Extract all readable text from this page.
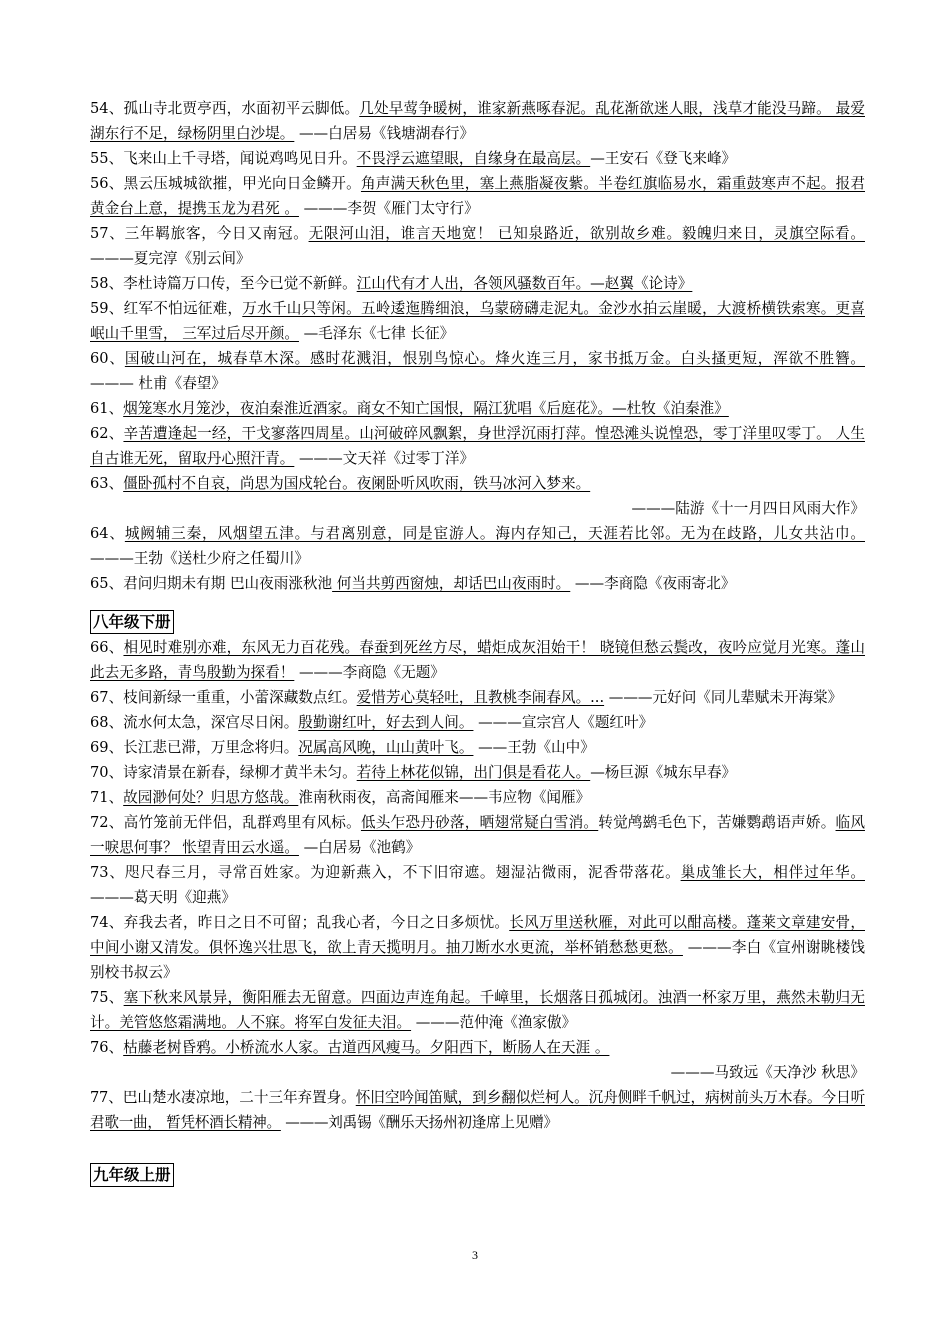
54、孤山寺北贾亭西，水面初平云脚低。几处早莺争暖树，谁家新燕啄春泥。乱花渐欲迷人眼，浅草才能没马蹄。 最爱湖东行不足，绿杨阴里白沙堤。 ——白居易《钱塘湖春行》
55、飞来山上千寻塔，闻说鸡鸣见日升。不畏浮云遮望眼，自缘身在最高层。—王安石《登飞来峰》
56、黑云压城城欲摧，甲光向日金鳞开。角声满天秋色里，塞上燕脂凝夜紫。半卷红旗临易水，霜重鼓寒声不起。报君黄金台上意，提携玉龙为君死 。 ———李贺《雁门太守行》
57、三年羁旅客，今日又南冠。无限河山泪，谁言天地宽！ 已知泉路近，欲别故乡难。毅魄归来日，灵旗空际看。 ———夏完淳《别云间》
58、李杜诗篇万口传，至今已觉不新鲜。江山代有才人出，各领风骚数百年。—赵翼《论诗》
59、红军不怕远征难，万水千山只等闲。五岭逶迤腾细浪，乌蒙磅礴走泥丸。金沙水拍云崖暖，大渡桥横铁索寒。更喜岷山千里雪， 三军过后尽开颜。 —毛泽东《七律 长征》
60、国破山河在，城春草木深。感时花溅泪，恨别鸟惊心。烽火连三月，家书抵万金。白头搔更短，浑欲不胜簪。 ——— 杜甫《春望》
61、烟笼寒水月笼沙，夜泊秦淮近酒家。商女不知亡国恨，隔江犹唱《后庭花》。—杜牧《泊秦淮》
62、辛苦遭逢起一经，干戈寥落四周星。山河破碎风飘絮，身世浮沉雨打萍。惶恐滩头说惶恐，零丁洋里叹零丁。 人生自古谁无死，留取丹心照汗青。 ———文天祥《过零丁洋》
63、僵卧孤村不自哀，尚思为国戍轮台。夜阑卧听风吹雨，铁马冰河入梦来。
———陆游《十一月四日风雨大作》
64、城阙辅三秦，风烟望五津。与君离别意，同是宦游人。海内存知己，天涯若比邻。无为在歧路，儿女共沾巾。———王勃《送杜少府之任蜀川》
65、君问归期未有期 巴山夜雨涨秋池 何当共剪西窗烛，却话巴山夜雨时。 ——李商隐《夜雨寄北》
八年级下册
66、相见时难别亦难，东风无力百花残。春蚕到死丝方尽，蜡炬成灰泪始干！ 晓镜但愁云鬓改，夜吟应觉月光寒。蓬山此去无多路，青鸟殷勤为探看！ ———李商隐《无题》
67、枝间新绿一重重，小蕾深藏数点红。爱惜芳心莫轻吐，且教桃李闹春风。... ———元好问《同儿辈赋未开海棠》
68、流水何太急，深宫尽日闲。殷勤谢红叶，好去到人间。 ———宣宗宫人《题红叶》
69、长江悲已滞，万里念将归。况属高风晚，山山黄叶飞。 ——王勃《山中》
70、诗家清景在新春，绿柳才黄半未匀。若待上林花似锦，出门俱是看花人。—杨巨源《城东早春》
71、故园渺何处？归思方悠哉。淮南秋雨夜，高斋闻雁来——韦应物《闻雁》
72、高竹笼前无伴侣，乱群鸡里有风标。低头乍恐丹砂落，晒翅常疑白雪消。转觉鸬鹚毛色下，苦嫌鹦鹉语声娇。临风一唳思何事？ 怅望青田云水遥。 —白居易《池鹤》
73、咫尺春三月，寻常百姓家。为迎新燕入，不下旧帘遮。翅湿沾微雨，泥香带落花。巢成雏长大，相伴过年华。 ———葛天明《迎燕》
74、弃我去者，昨日之日不可留；乱我心者，今日之日多烦忧。长风万里送秋雁，对此可以酣高楼。蓬莱文章建安骨，中间小谢又清发。俱怀逸兴壮思飞，欲上青天揽明月。抽刀断水水更流，举杯销愁愁更愁。 ———李白《宣州谢眺楼饯别校书叔云》
75、塞下秋来风景异，衡阳雁去无留意。四面边声连角起。千嶂里，长烟落日孤城闭。浊酒一杯家万里，燕然未勒归无计。羌管悠悠霜满地。人不寐。将军白发征夫泪。 ———范仲淹《渔家傲》
76、枯藤老树昏鸦。小桥流水人家。古道西风瘦马。夕阳西下，断肠人在天涯 。
———马致远《天净沙 秋思》
77、巴山楚水凄凉地，二十三年弃置身。怀旧空吟闻笛赋，到乡翻似烂柯人。沉舟侧畔千帆过，病树前头万木春。今日听君歌一曲， 暂凭杯酒长精神。 ———刘禹锡《酬乐天扬州初逢席上见赠》
九年级上册
3
